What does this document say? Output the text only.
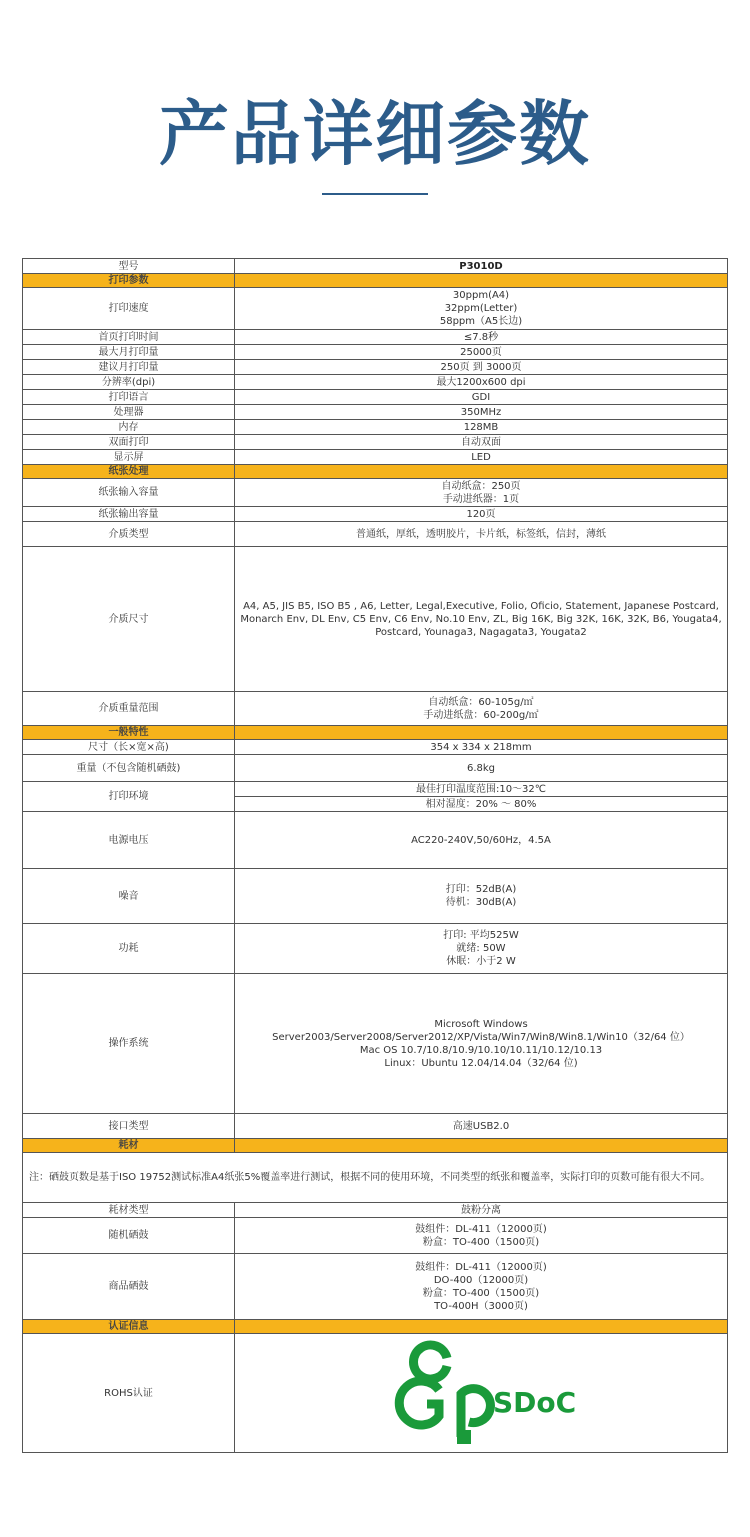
产品详细参数
型号	P3010D
打印参数	
打印速度	30ppm(A4)
32ppm(Letter)
58ppm（A5长边)

首页打印时间	≤7.8秒
最大月打印量	25000页
建议月打印量	250页 到 3000页
分辨率(dpi)	最大1200x600 dpi
打印语言	GDI
处理器	350MHz
内存	128MB
双面打印	自动双面
显示屏	LED
纸张处理	
纸张输入容量	自动纸盒：250页
手动进纸器：1页

纸张输出容量	120页
介质类型	普通纸，厚纸，透明胶片，卡片纸，标签纸，信封，薄纸
介质尺寸	A4, A5, JIS B5, ISO B5 , A6, Letter, Legal,Executive, Folio, Oficio, Statement, Japanese Postcard,
Monarch Env, DL Env, C5 Env, C6 Env, No.10 Env, ZL, Big 16K, Big 32K, 16K, 32K, B6, Yougata4,
Postcard, Younaga3, Nagagata3, Yougata2

介质重量范围	自动纸盒：60-105g/㎡
手动进纸盘：60-200g/㎡

一般特性	
尺寸（长×宽×高)	354 x 334 x 218mm
重量（不包含随机硒鼓)	6.8kg
打印环境	最佳打印温度范围:10～32℃
	相对湿度：20% ～ 80%
电源电压	AC220-240V,50/60Hz，4.5A
噪音	打印：52dB(A)
待机：30dB(A)

功耗	打印: 平均525W
就绪: 50W
休眠：小于2 W

操作系统	Microsoft Windows
Server2003/Server2008/Server2012/XP/Vista/Win7/Win8/Win8.1/Win10（32/64 位）
Mac OS 10.7/10.8/10.9/10.10/10.11/10.12/10.13
Linux：Ubuntu 12.04/14.04（32/64 位)

接口类型	高速USB2.0
耗材	
注：硒鼓页数是基于ISO 19752测试标准A4纸张5%覆盖率进行测试，根据不同的使用环境，不同类型的纸张和覆盖率，实际打印的页数可能有很大不同。	
耗材类型	鼓粉分离
随机硒鼓	鼓组件：DL-411（12000页)
粉盒：TO-400（1500页)

商品硒鼓	鼓组件：DL-411（12000页)
DO-400（12000页)
粉盒：TO-400（1500页)
TO-400H（3000页)

认证信息	
ROHS认证	SDoC
